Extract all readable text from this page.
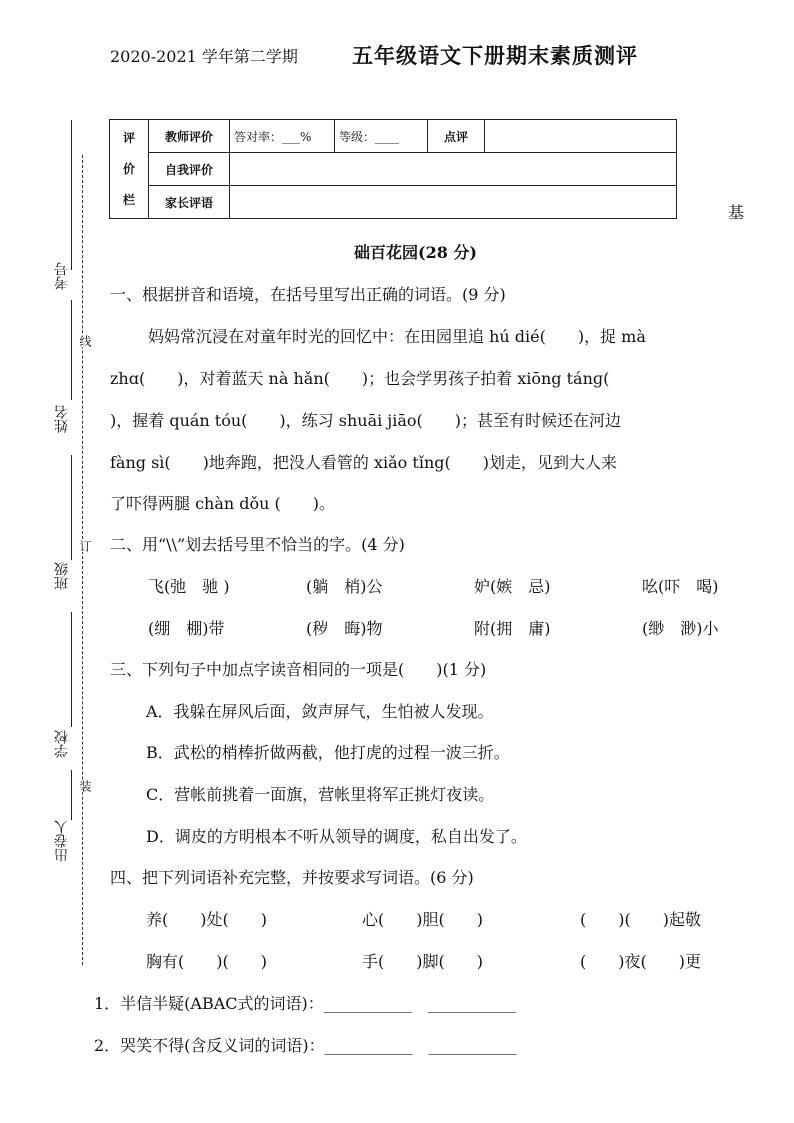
2020-2021 学年第二学期	五年级语文下册期末素质测评
评
价
栏	教师评价	答对率：___%	等级：____	点评	
	自我评价				
	家长评语				
考号
姓名
班级
学校
出卷人
线
订
装
基
础百花园(28 分)
一、根据拼音和语境，在括号里写出正确的词语。(9 分)
妈妈常沉浸在对童年时光的回忆中：在田园里追 hú dié(　　)，捉 mà
zhɑ(　　)，对着蓝天 nà hǎn(　　)；也会学男孩子拍着 xiōng tánɡ(
)，握着 quán tóu(　　)，练习 shuāi jiāo(　　)；甚至有时候还在河边
fàng sì(　　)地奔跑，把没人看管的 xiǎo tǐng(　　)划走，见到大人来
了吓得两腿 chàn dǒu (　　)。
二、用“\\”划去括号里不恰当的字。(4 分)
飞(弛　驰 )	(躺　梢)公	妒(嫉　忌)	吆(吓　喝)
(绷　棚)带	(秽　晦)物	附(拥　庸)	(缈　渺)小
三、下列句子中加点字读音相同的一项是(　　)(1 分)
A．我躲在屏风后面，敛声屏气，生怕被人发现。
B．武松的梢棒折做两截，他打虎的过程一波三折。
C．营帐前挑着一面旗，营帐里将军正挑灯夜读。
D．调皮的方明根本不听从领导的调度，私自出发了。
四、把下列词语补充完整，并按要求写词语。(6 分)
养(　　)处(　　)	心(　　)胆(　　)	(　　)(　　)起敬
胸有(　　)(　　)	手(　　)脚(　　)	(　　)夜(　　)更
1．半信半疑(ABAC式的词语)：___________　___________
2．哭笑不得(含反义词的词语)：___________　___________
